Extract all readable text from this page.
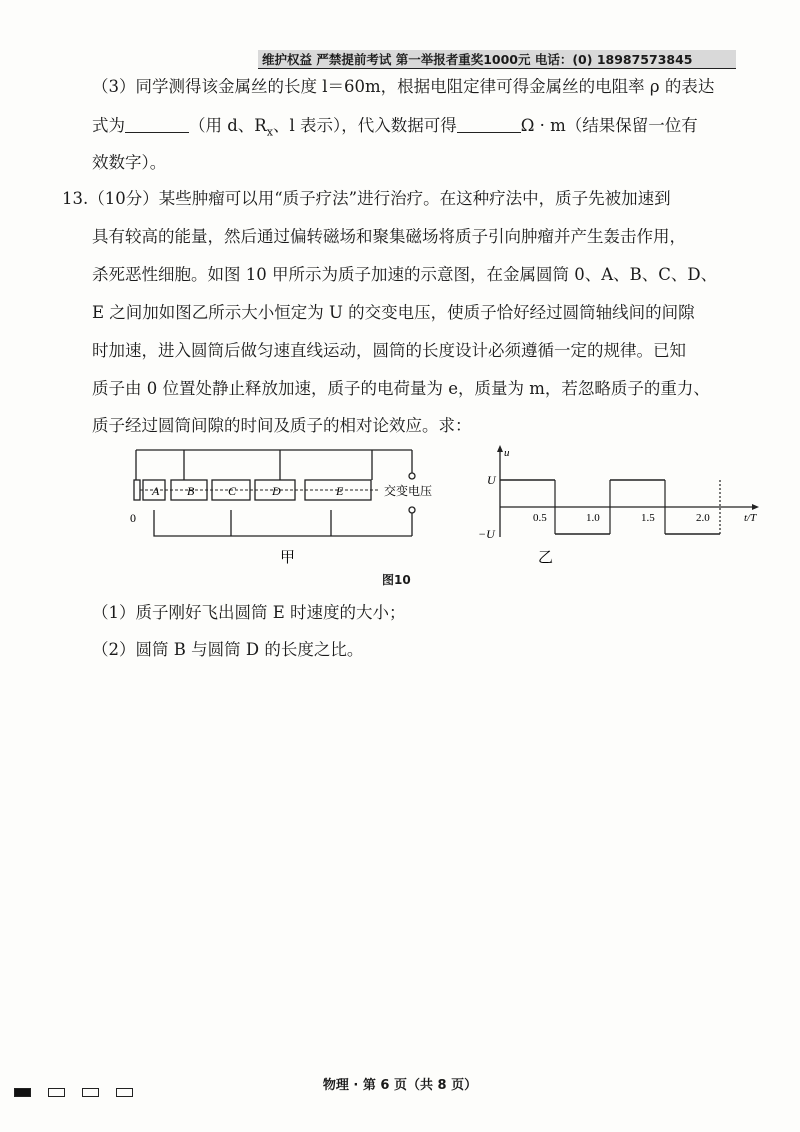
维护权益 严禁提前考试 第一举报者重奖1000元 电话：(0) 18987573845
（3）同学测得该金属丝的长度 l＝60m，根据电阻定律可得金属丝的电阻率 ρ 的表达
式为	（用 d、$R_x$、l 表示），代入数据可得	Ω · m（结果保留一位有
效数字）。
13.（10分）某些肿瘤可以用“质子疗法”进行治疗。在这种疗法中，质子先被加速到
具有较高的能量，然后通过偏转磁场和聚集磁场将质子引向肿瘤并产生轰击作用，
杀死恶性细胞。如图 10 甲所示为质子加速的示意图，在金属圆筒 0、A、B、C、D、
E 之间加如图乙所示大小恒定为 U 的交变电压，使质子恰好经过圆筒轴线间的间隙
时加速，进入圆筒后做匀速直线运动，圆筒的长度设计必须遵循一定的规律。已知
质子由 0 位置处静止释放加速，质子的电荷量为 e，质量为 m，若忽略质子的重力、
质子经过圆筒间隙的时间及质子的相对论效应。求：
A B	C	D	E
0
交变电压
甲
u
U
−U
t/T
0.5	1.0	1.5	2.0
乙
图10
（1）质子刚好飞出圆筒 E 时速度的大小；
（2）圆筒 B 与圆筒 D 的长度之比。
物理 · 第 6 页（共 8 页）
